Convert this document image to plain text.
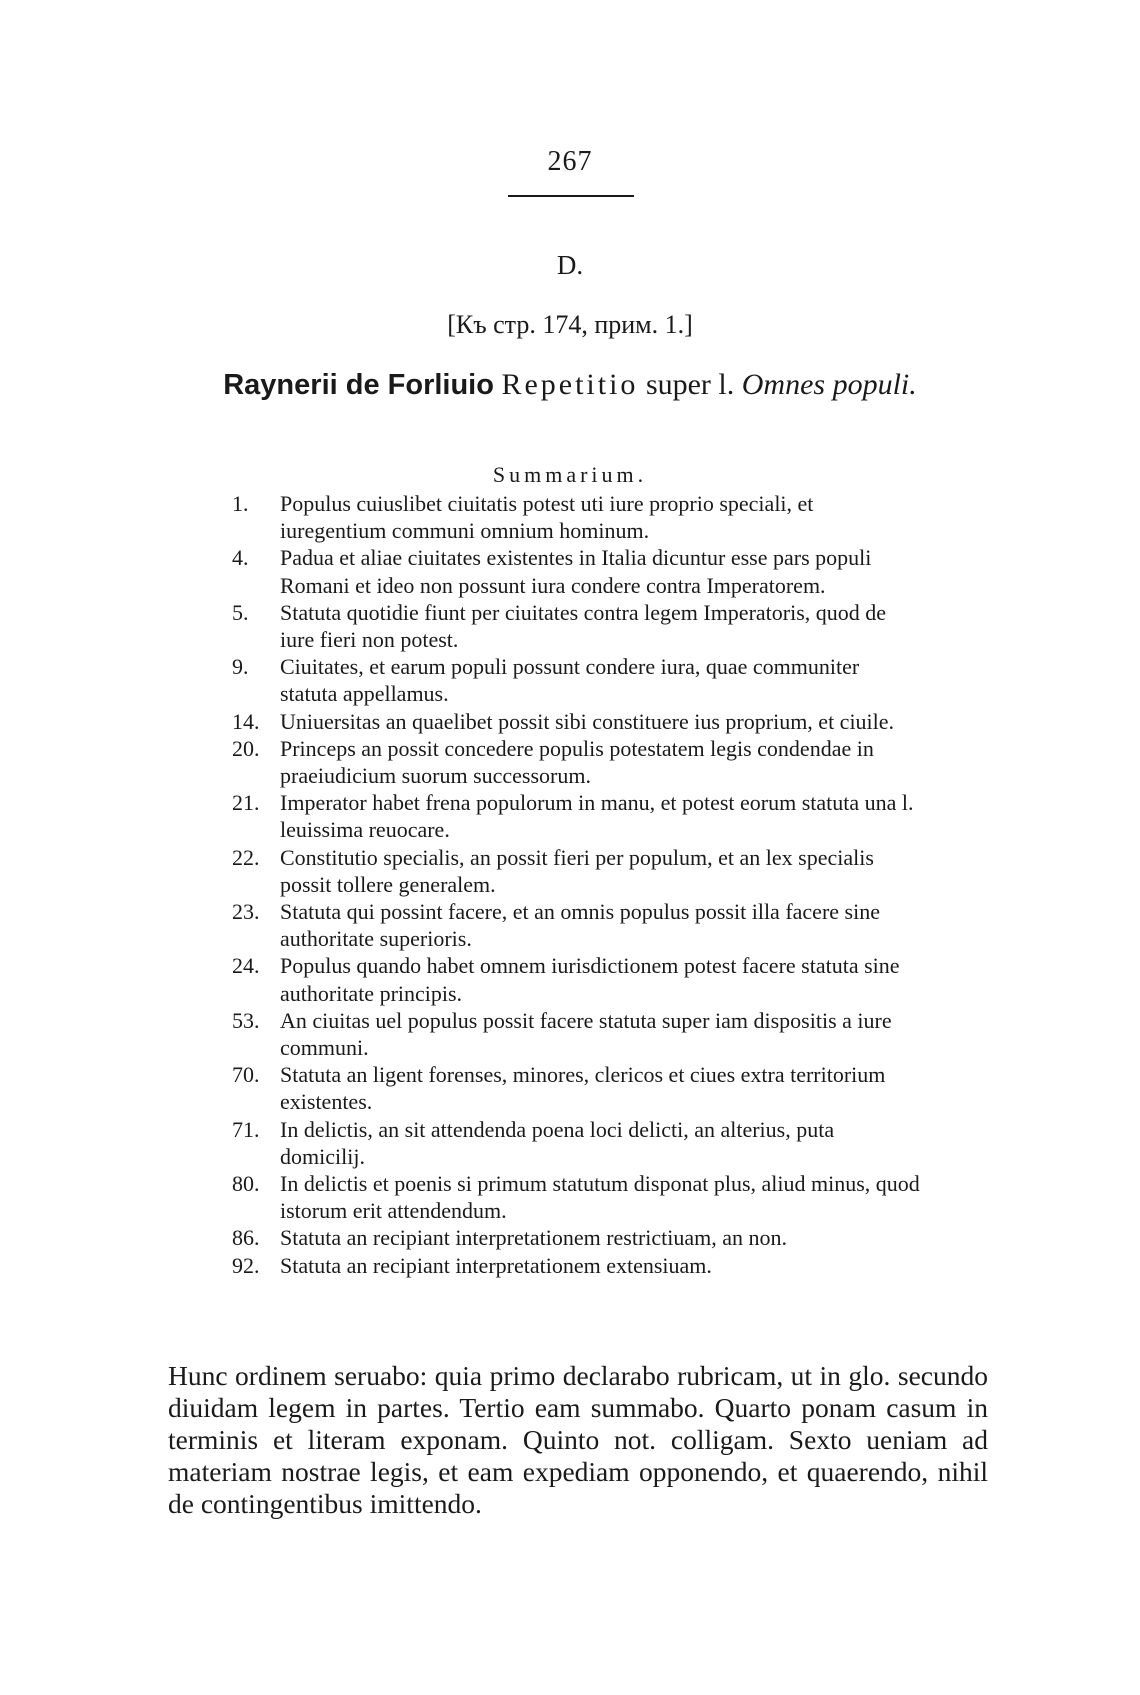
267
D.
[Къ стр. 174, прим. 1.]
Raynerii de Forliuio Repetitio super l. Omnes populi.
Summarium.
1. Populus cuiuslibet ciuitatis potest uti iure proprio speciali, et iuregentium communi omnium hominum.
4. Padua et aliae ciuitates existentes in Italia dicuntur esse pars populi Romani et ideo non possunt iura condere contra Imperatorem.
5. Statuta quotidie fiunt per ciuitates contra legem Imperatoris, quod de iure fieri non potest.
9. Ciuitates, et earum populi possunt condere iura, quae communiter statuta appellamus.
14. Uniuersitas an quaelibet possit sibi constituere ius proprium, et ciuile.
20. Princeps an possit concedere populis potestatem legis condendae in praeiudicium suorum successorum.
21. Imperator habet frena populorum in manu, et potest eorum statuta una l. leuissima reuocare.
22. Constitutio specialis, an possit fieri per populum, et an lex specialis possit tollere generalem.
23. Statuta qui possint facere, et an omnis populus possit illa facere sine authoritate superioris.
24. Populus quando habet omnem iurisdictionem potest facere statuta sine authoritate principis.
53. An ciuitas uel populus possit facere statuta super iam dispositis a iure communi.
70. Statuta an ligent forenses, minores, clericos et ciues extra territorium existentes.
71. In delictis, an sit attendenda poena loci delicti, an alterius, puta domicilij.
80. In delictis et poenis si primum statutum disponat plus, aliud minus, quod istorum erit attendendum.
86. Statuta an recipiant interpretationem restrictiuam, an non.
92. Statuta an recipiant interpretationem extensiuam.

Hunc ordinem seruabo: quia primo declarabo rubricam, ut in glo. secundo diuidam legem in partes. Tertio eam summabo. Quarto ponam casum in terminis et literam exponam. Quinto not. colligam. Sexto ueniam ad materiam nostrae legis, et eam expediam opponendo, et quaerendo, nihil de contingentibus imittendo.
